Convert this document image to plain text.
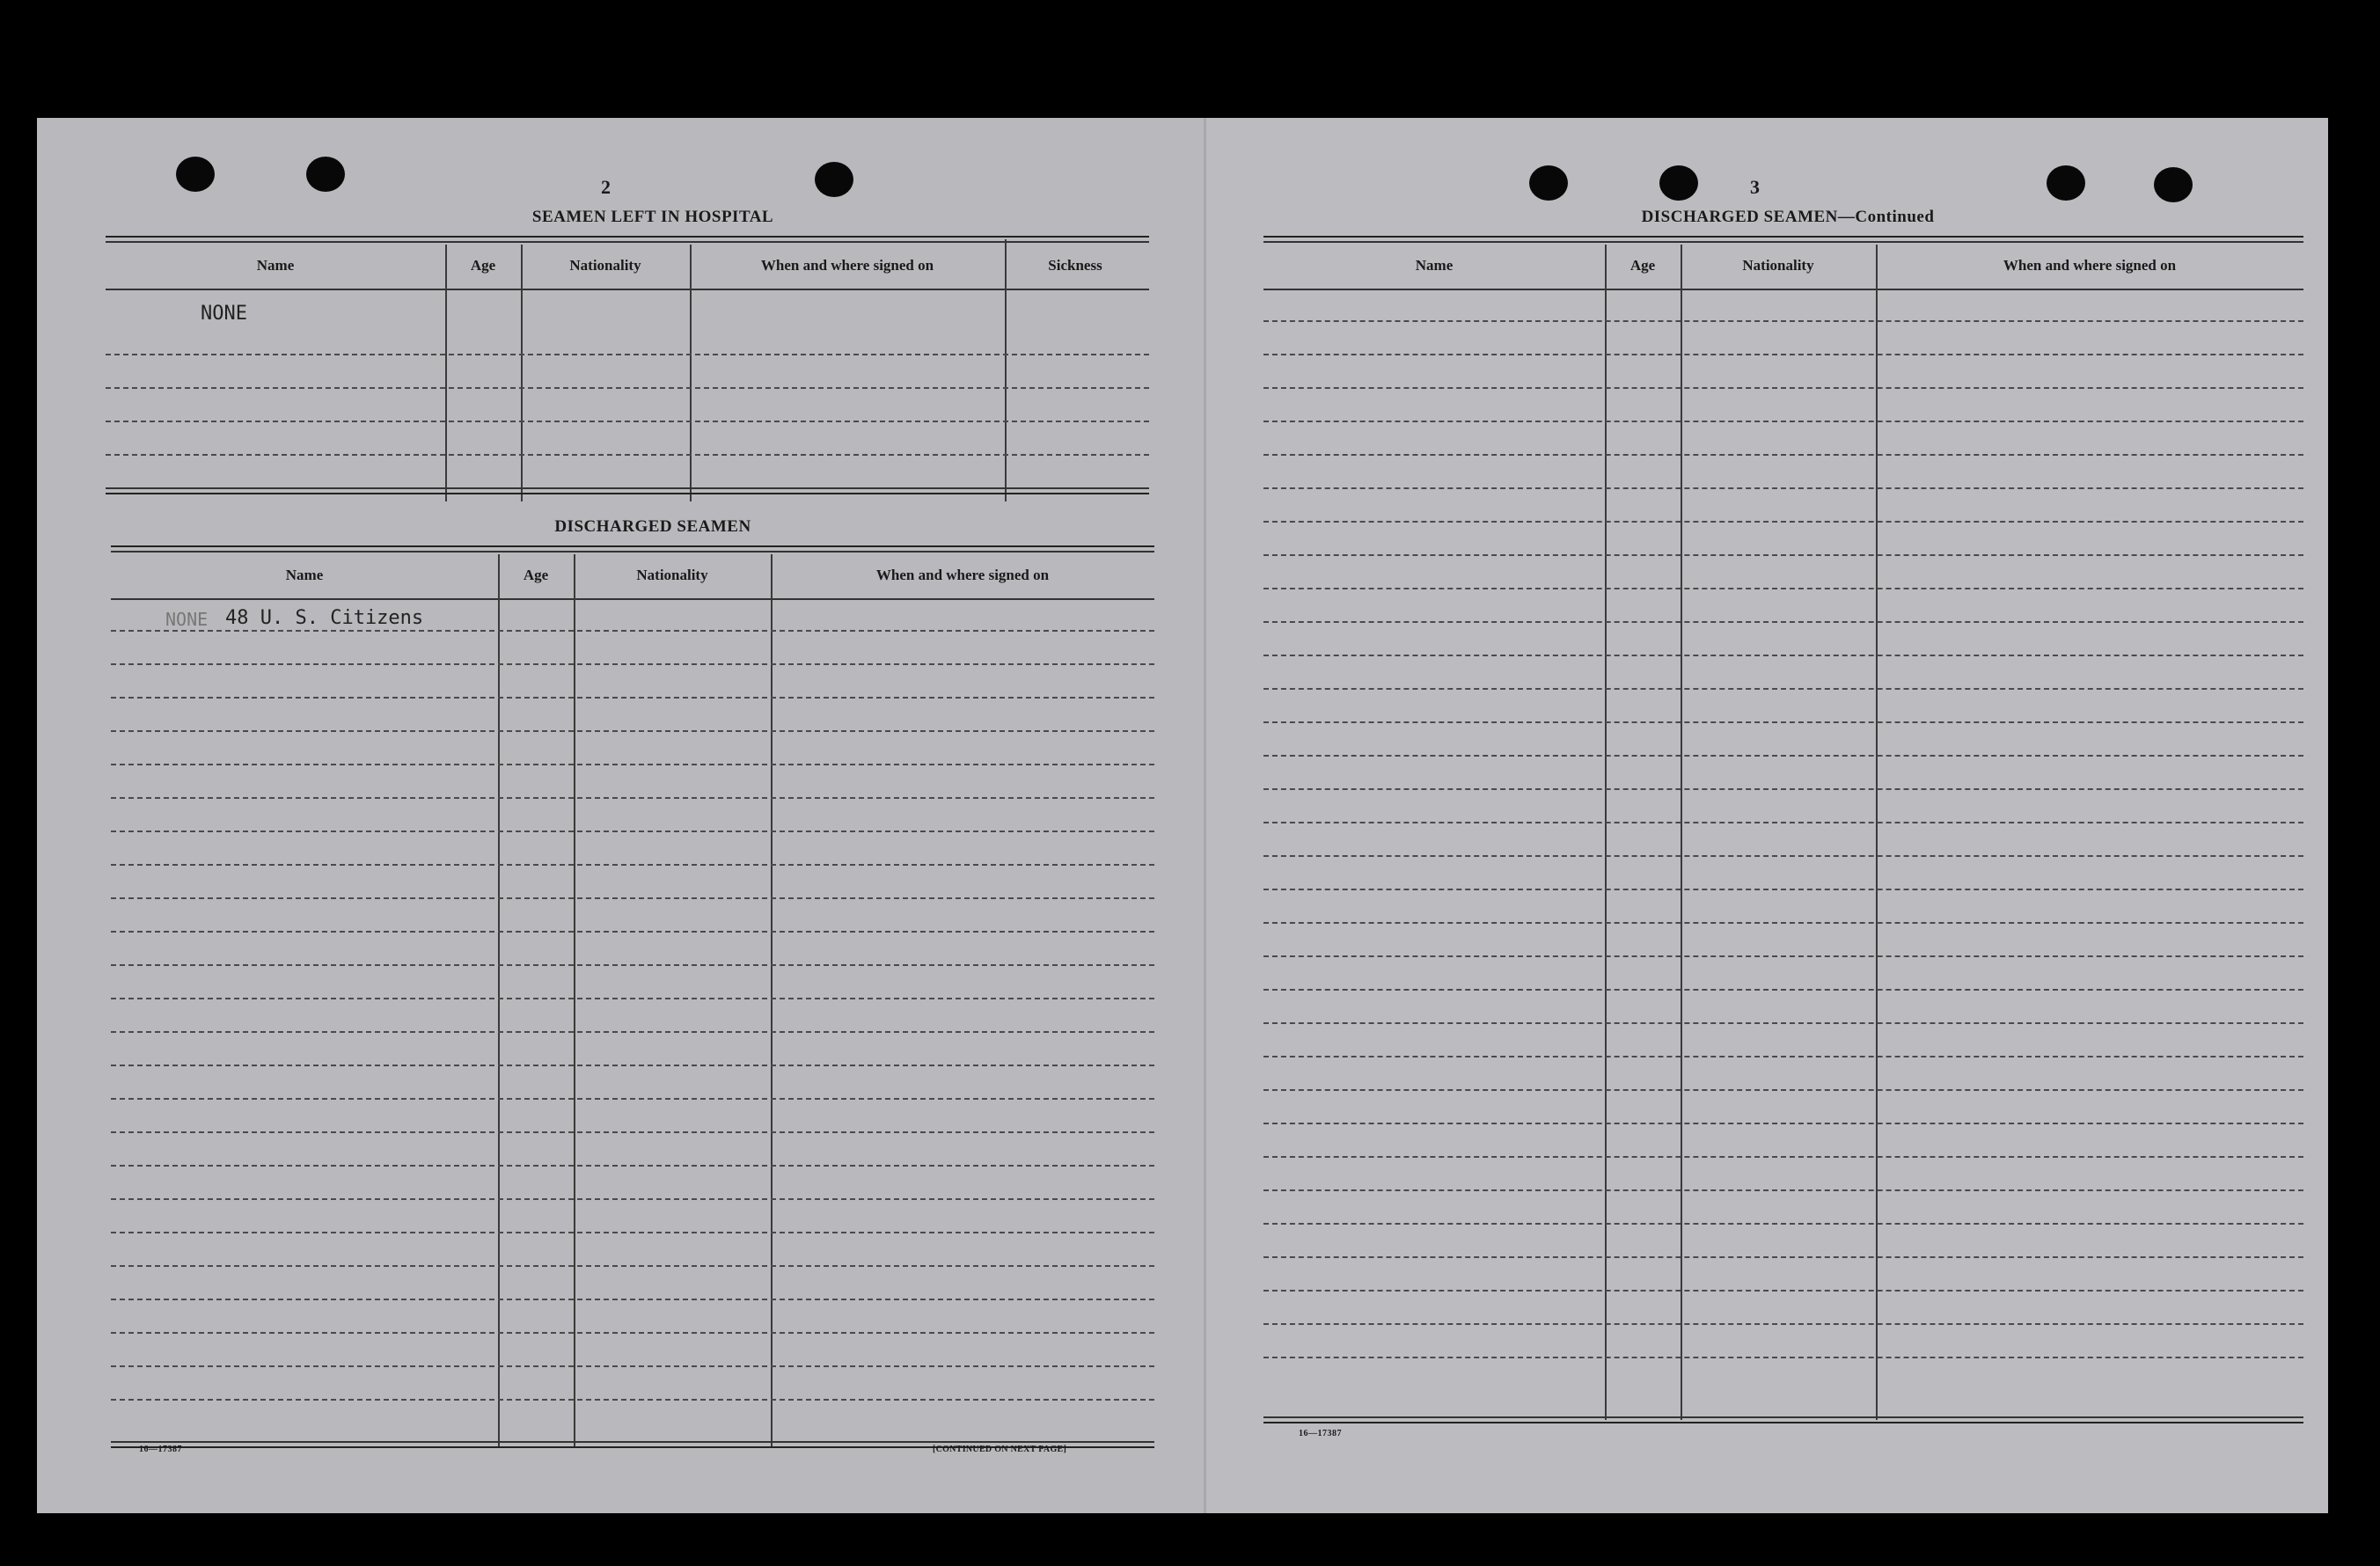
2
SEAMEN LEFT IN HOSPITAL
Name	Age	Nationality	When and where signed on	Sickness
NONE
DISCHARGED SEAMEN
Name	Age	Nationality	When and where signed on
NONE 48 U. S. Citizens
16—17387	[CONTINUED ON NEXT PAGE]
3
DISCHARGED SEAMEN—Continued
Name	Age	Nationality	When and where signed on
16—17387
